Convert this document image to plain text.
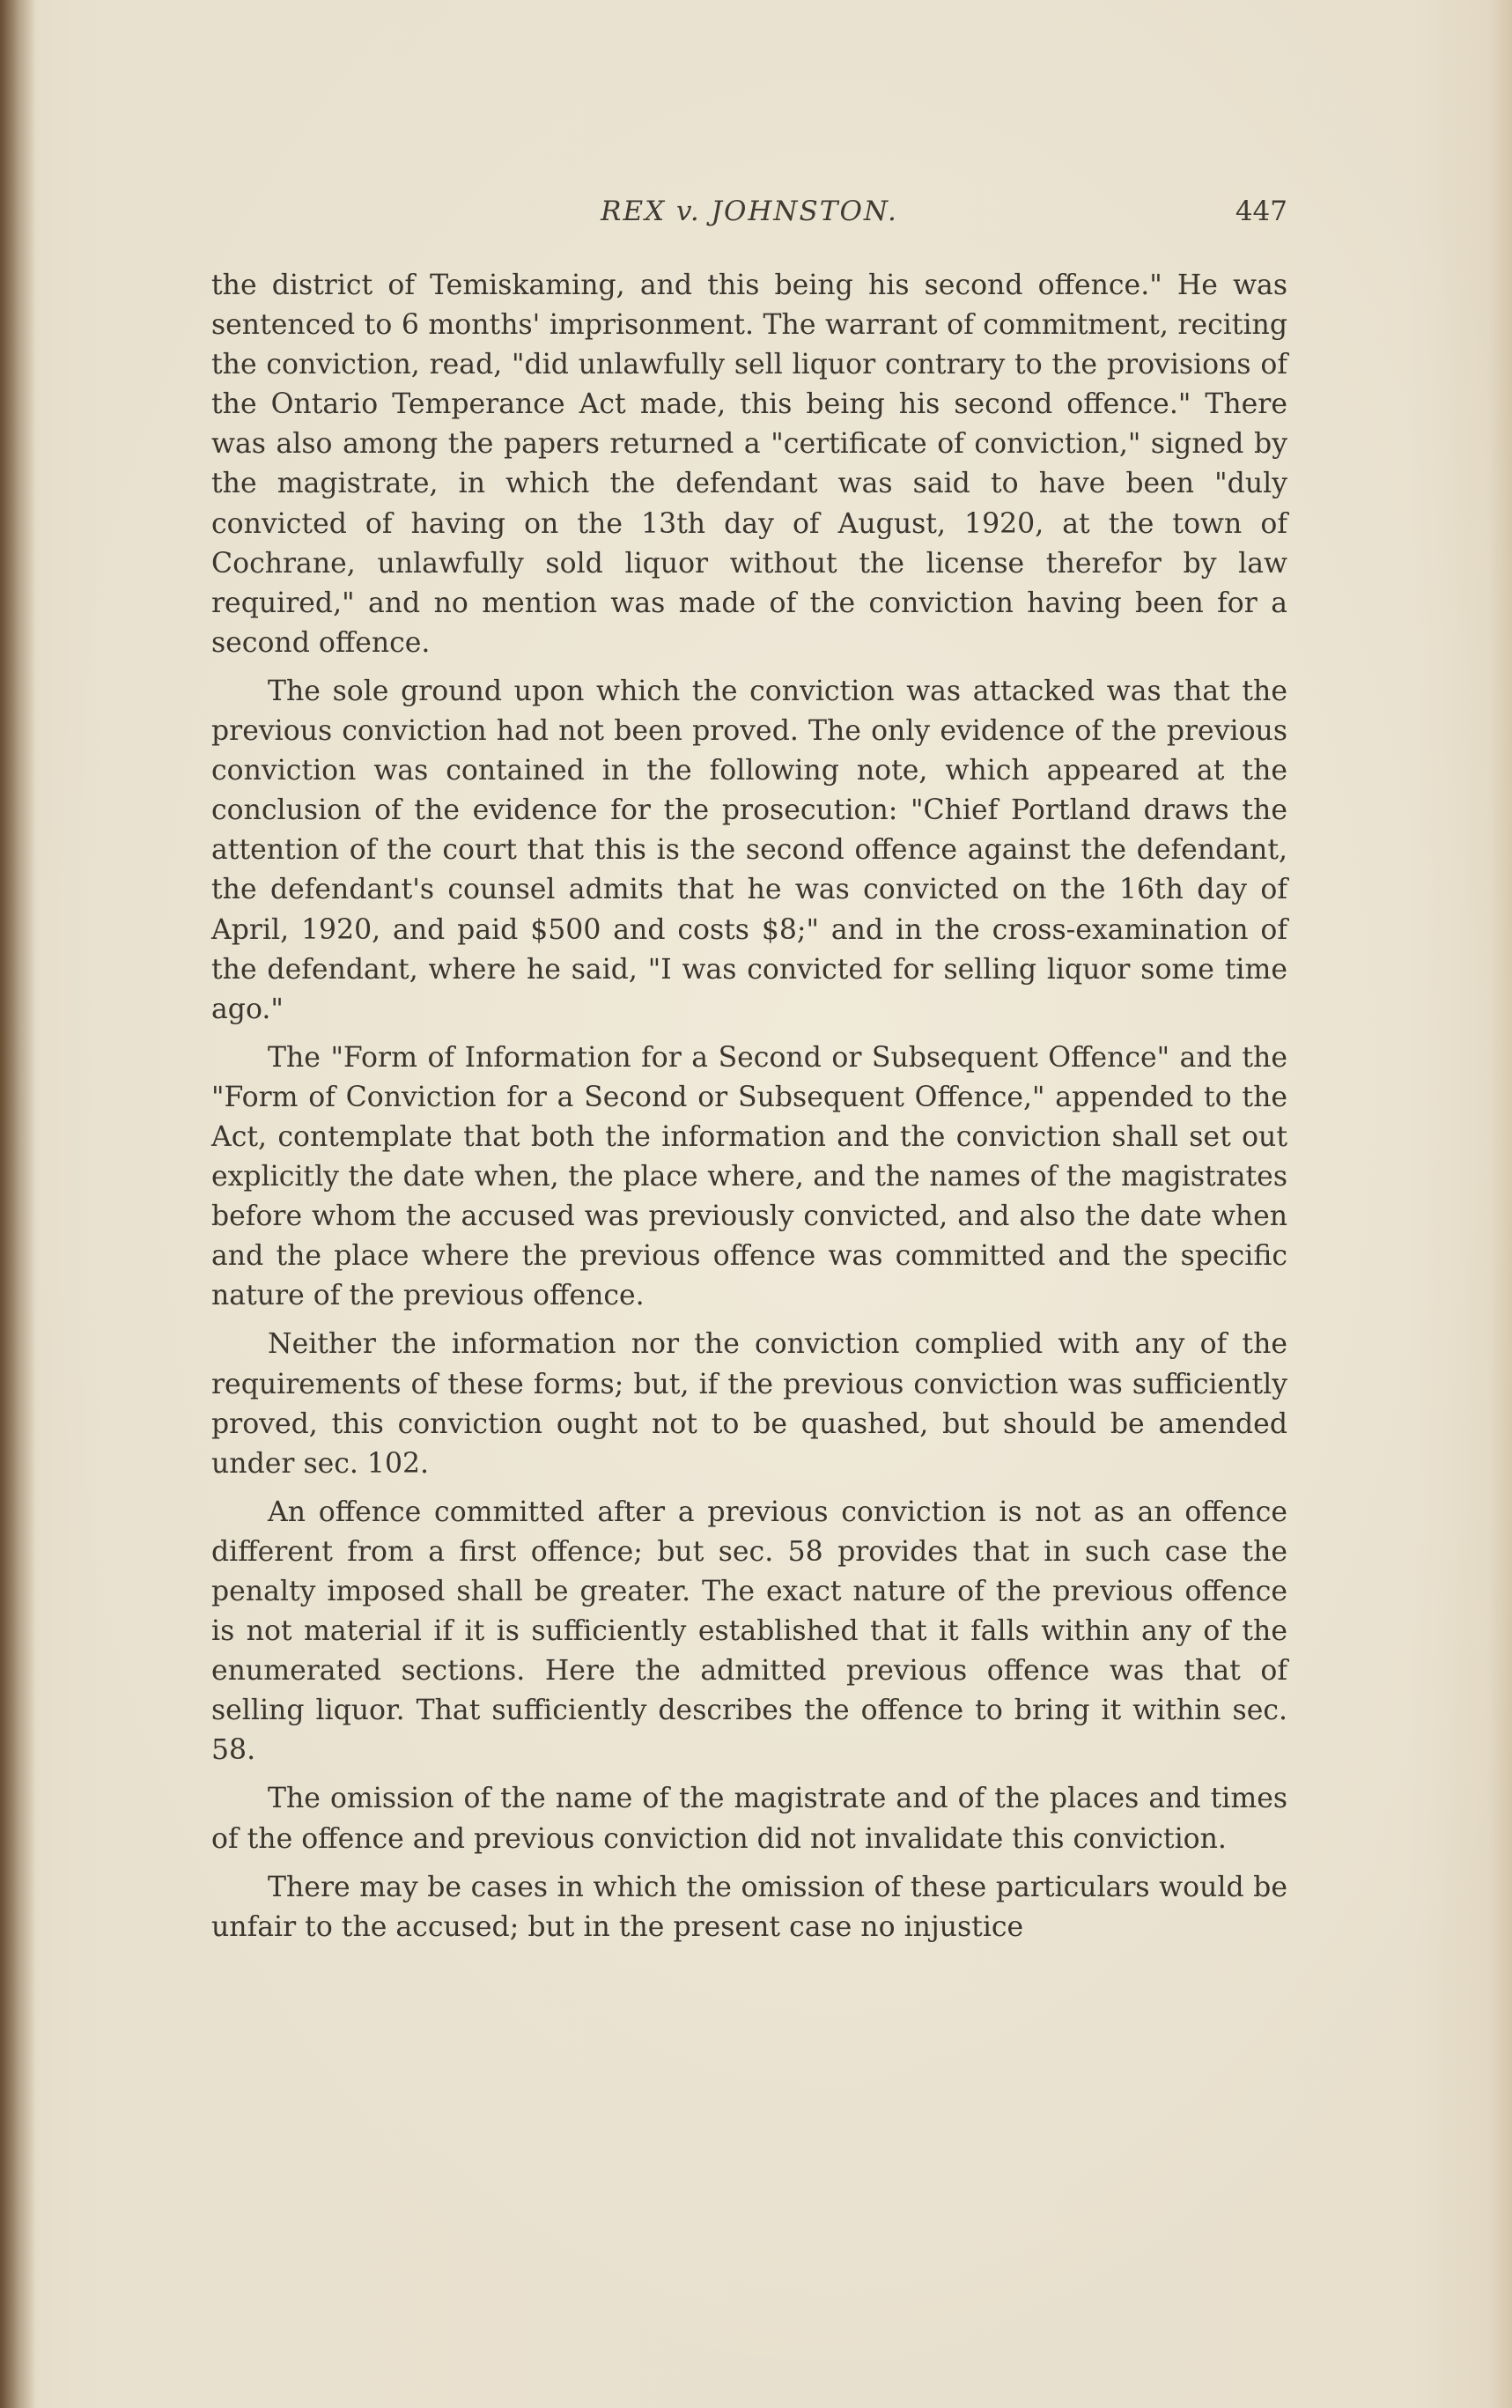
REX v. JOHNSTON.	447

the district of Temiskaming, and this being his second offence." He was sentenced to 6 months' imprisonment. The warrant of commitment, reciting the conviction, read, "did unlawfully sell liquor contrary to the provisions of the Ontario Temperance Act made, this being his second offence." There was also among the papers returned a "certificate of conviction," signed by the magistrate, in which the defendant was said to have been "duly convicted of having on the 13th day of August, 1920, at the town of Cochrane, unlawfully sold liquor without the license therefor by law required," and no mention was made of the conviction having been for a second offence.

The sole ground upon which the conviction was attacked was that the previous conviction had not been proved. The only evidence of the previous conviction was contained in the following note, which appeared at the conclusion of the evidence for the prosecution: "Chief Portland draws the attention of the court that this is the second offence against the defendant, the defendant's counsel admits that he was convicted on the 16th day of April, 1920, and paid $500 and costs $8;" and in the cross-examination of the defendant, where he said, "I was convicted for selling liquor some time ago."

The "Form of Information for a Second or Subsequent Offence" and the "Form of Conviction for a Second or Subsequent Offence," appended to the Act, contemplate that both the information and the conviction shall set out explicitly the date when, the place where, and the names of the magistrates before whom the accused was previously convicted, and also the date when and the place where the previous offence was committed and the specific nature of the previous offence.

Neither the information nor the conviction complied with any of the requirements of these forms; but, if the previous conviction was sufficiently proved, this conviction ought not to be quashed, but should be amended under sec. 102.

An offence committed after a previous conviction is not as an offence different from a first offence; but sec. 58 provides that in such case the penalty imposed shall be greater. The exact nature of the previous offence is not material if it is sufficiently established that it falls within any of the enumerated sections. Here the admitted previous offence was that of selling liquor. That sufficiently describes the offence to bring it within sec. 58.

The omission of the name of the magistrate and of the places and times of the offence and previous conviction did not invalidate this conviction.

There may be cases in which the omission of these particulars would be unfair to the accused; but in the present case no injustice
